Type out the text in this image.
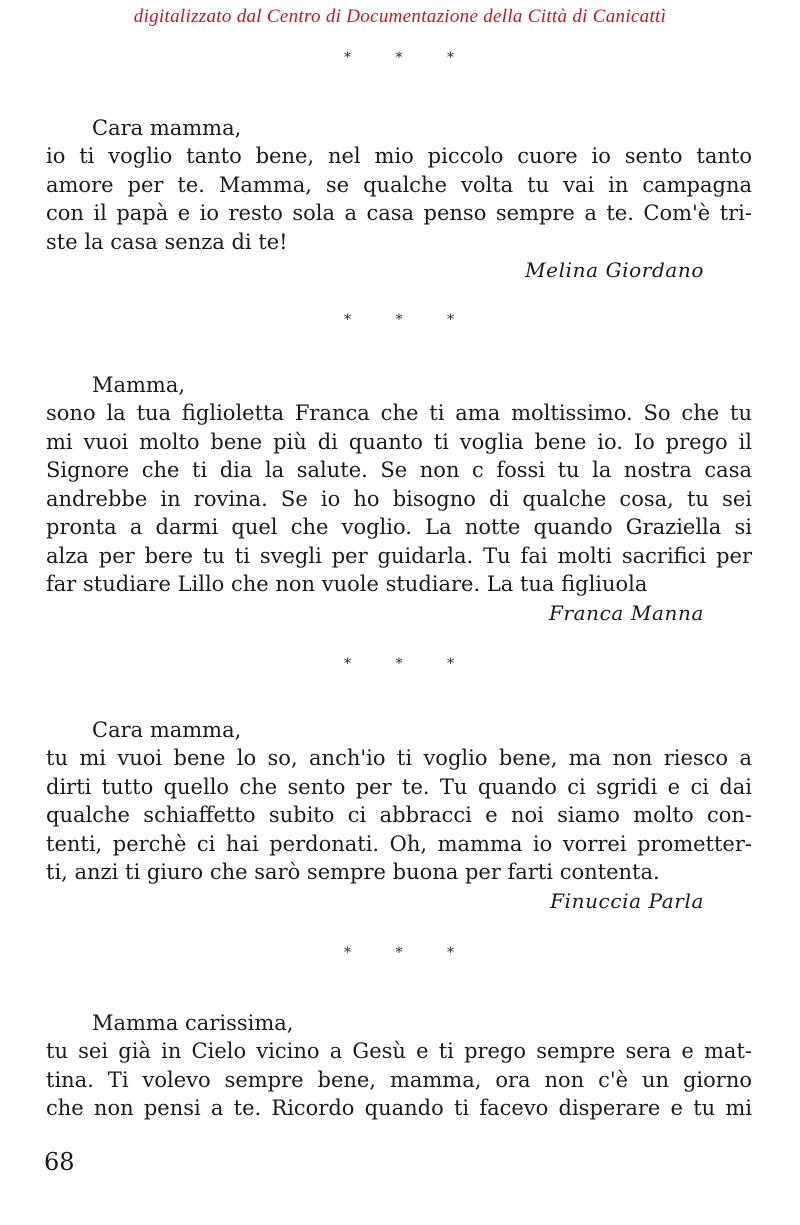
digitalizzato dal Centro di Documentazione della Città di Canicattì
* * *
Cara mamma,
io ti voglio tanto bene, nel mio piccolo cuore io sento tanto
amore per te. Mamma, se qualche volta tu vai in campagna
con il papà e io resto sola a casa penso sempre a te. Com'è tri-
ste la casa senza di te!
Melina Giordano
* * *
Mamma,
sono la tua figlioletta Franca che ti ama moltissimo. So che tu
mi vuoi molto bene più di quanto ti voglia bene io. Io prego il
Signore che ti dia la salute. Se non c fossi tu la nostra casa
andrebbe in rovina. Se io ho bisogno di qualche cosa, tu sei
pronta a darmi quel che voglio. La notte quando Graziella si
alza per bere tu ti svegli per guidarla. Tu fai molti sacrifici per
far studiare Lillo che non vuole studiare. La tua figliuola
Franca Manna
* * *
Cara mamma,
tu mi vuoi bene lo so, anch'io ti voglio bene, ma non riesco a
dirti tutto quello che sento per te. Tu quando ci sgridi e ci dai
qualche schiaffetto subito ci abbracci e noi siamo molto con-
tenti, perchè ci hai perdonati. Oh, mamma io vorrei prometter-
ti, anzi ti giuro che sarò sempre buona per farti contenta.
Finuccia Parla
* * *
Mamma carissima,
tu sei già in Cielo vicino a Gesù e ti prego sempre sera e mat-
tina. Ti volevo sempre bene, mamma, ora non c'è un giorno
che non pensi a te. Ricordo quando ti facevo disperare e tu mi
68
